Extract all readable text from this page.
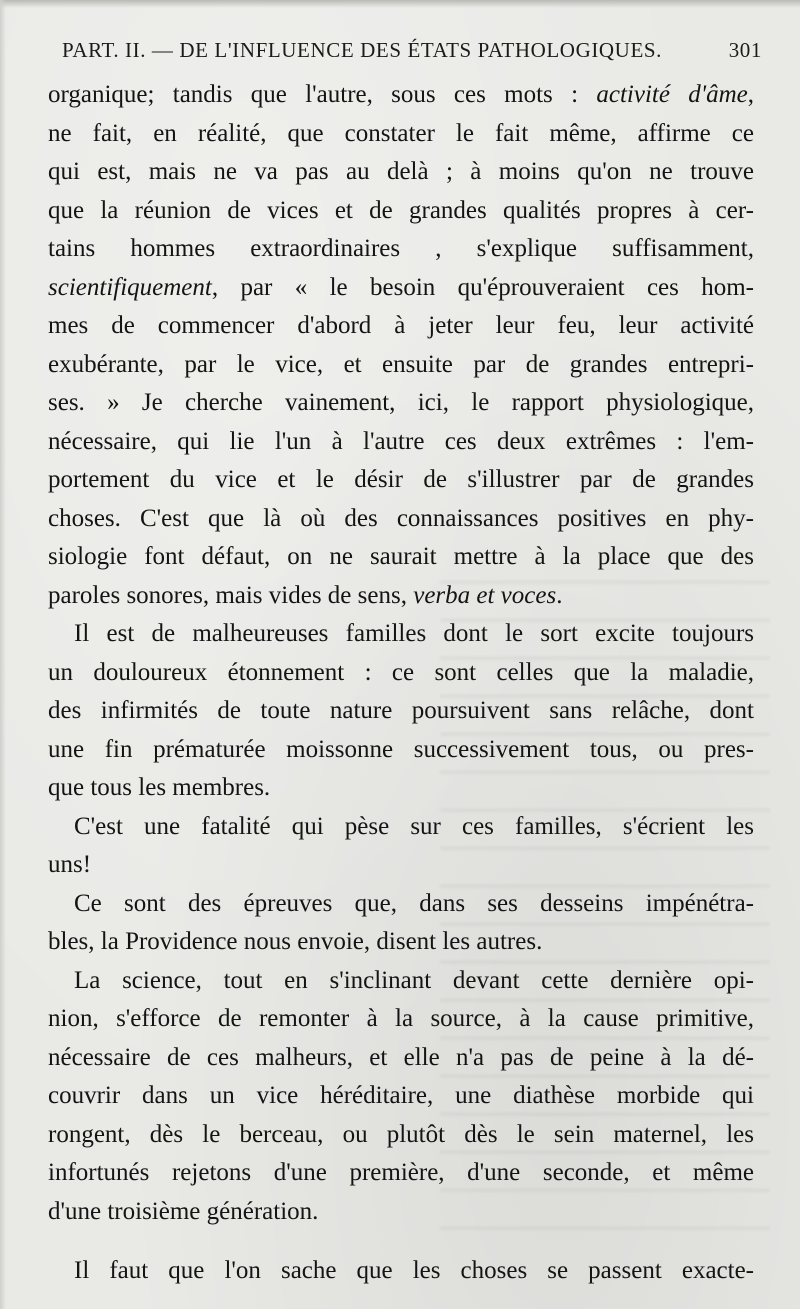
PART. II. — DE L'INFLUENCE DES ÉTATS PATHOLOGIQUES.	301
organique; tandis que l'autre, sous ces mots : activité d'âme,
ne fait, en réalité, que constater le fait même, affirme ce
qui est, mais ne va pas au delà ; à moins qu'on ne trouve
que la réunion de vices et de grandes qualités propres à cer-
tains hommes extraordinaires , s'explique suffisamment,
scientifiquement, par « le besoin qu'éprouveraient ces hom-
mes de commencer d'abord à jeter leur feu, leur activité
exubérante, par le vice, et ensuite par de grandes entrepri-
ses. » Je cherche vainement, ici, le rapport physiologique,
nécessaire, qui lie l'un à l'autre ces deux extrêmes : l'em-
portement du vice et le désir de s'illustrer par de grandes
choses. C'est que là où des connaissances positives en phy-
siologie font défaut, on ne saurait mettre à la place que des
paroles sonores, mais vides de sens, verba et voces.
Il est de malheureuses familles dont le sort excite toujours
un douloureux étonnement : ce sont celles que la maladie,
des infirmités de toute nature poursuivent sans relâche, dont
une fin prématurée moissonne successivement tous, ou pres-
que tous les membres.
C'est une fatalité qui pèse sur ces familles, s'écrient les
uns!
Ce sont des épreuves que, dans ses desseins impénétra-
bles, la Providence nous envoie, disent les autres.
La science, tout en s'inclinant devant cette dernière opi-
nion, s'efforce de remonter à la source, à la cause primitive,
nécessaire de ces malheurs, et elle n'a pas de peine à la dé-
couvrir dans un vice héréditaire, une diathèse morbide qui
rongent, dès le berceau, ou plutôt dès le sein maternel, les
infortunés rejetons d'une première, d'une seconde, et même
d'une troisième génération.
Il faut que l'on sache que les choses se passent exacte-
